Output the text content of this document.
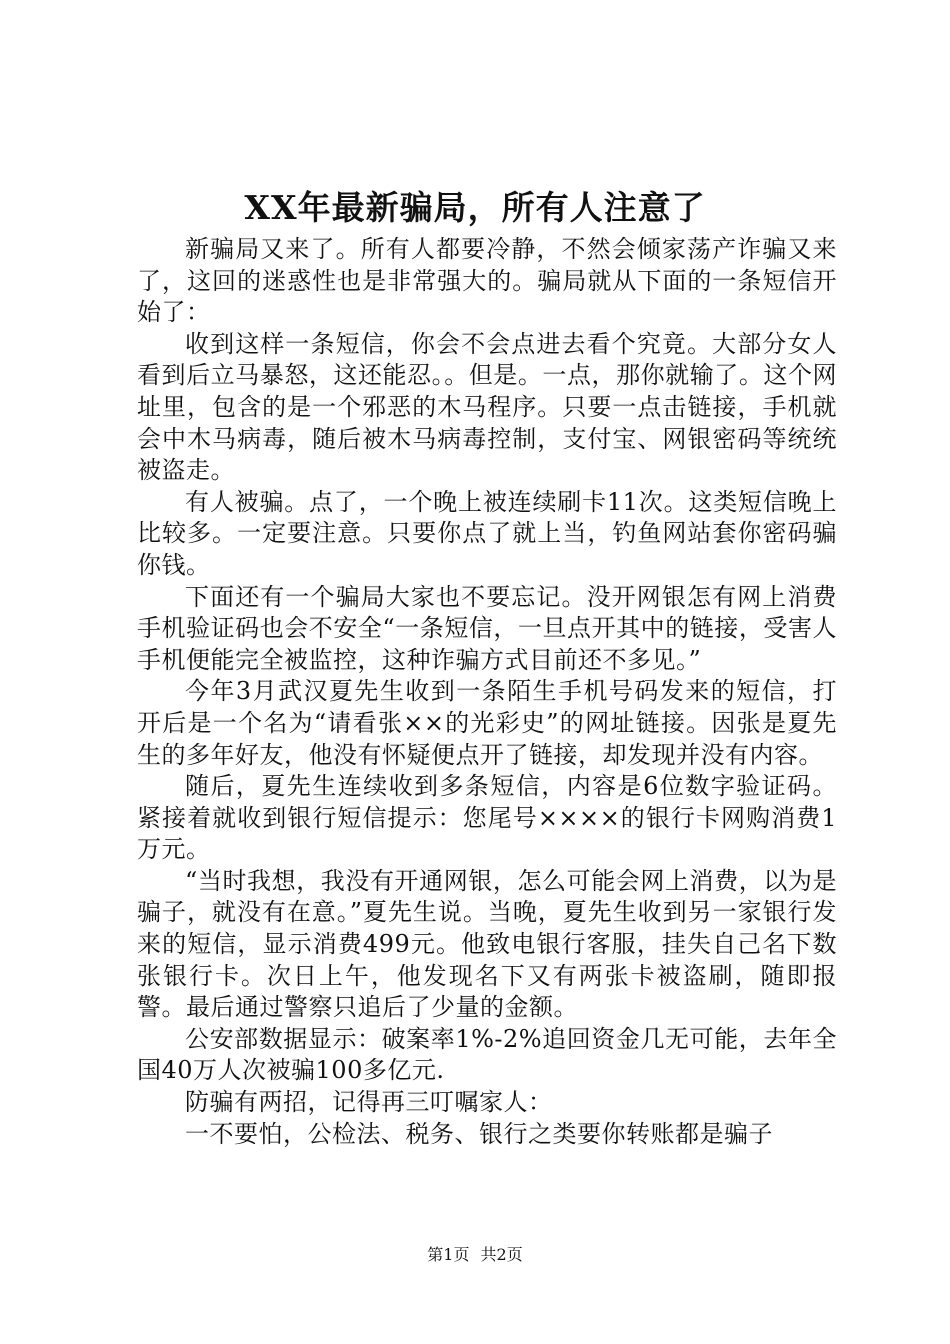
XX年最新骗局，所有人注意了

新骗局又来了。所有人都要冷静，不然会倾家荡产诈骗又来了，这回的迷惑性也是非常强大的。骗局就从下面的一条短信开始了：

收到这样一条短信，你会不会点进去看个究竟。大部分女人看到后立马暴怒，这还能忍。。但是。一点，那你就输了。这个网址里，包含的是一个邪恶的木马程序。只要一点击链接，手机就会中木马病毒，随后被木马病毒控制，支付宝、网银密码等统统被盗走。

有人被骗。点了，一个晚上被连续刷卡11次。这类短信晚上比较多。一定要注意。只要你点了就上当，钓鱼网站套你密码骗你钱。

下面还有一个骗局大家也不要忘记。没开网银怎有网上消费手机验证码也会不安全“一条短信，一旦点开其中的链接，受害人手机便能完全被监控，这种诈骗方式目前还不多见。”

今年3月武汉夏先生收到一条陌生手机号码发来的短信，打开后是一个名为“请看张××的光彩史”的网址链接。因张是夏先生的多年好友，他没有怀疑便点开了链接，却发现并没有内容。

随后，夏先生连续收到多条短信，内容是6位数字验证码。紧接着就收到银行短信提示：您尾号××××的银行卡网购消费1万元。

“当时我想，我没有开通网银，怎么可能会网上消费，以为是骗子，就没有在意。”夏先生说。当晚，夏先生收到另一家银行发来的短信，显示消费499元。他致电银行客服，挂失自己名下数张银行卡。次日上午，他发现名下又有两张卡被盗刷，随即报警。最后通过警察只追后了少量的金额。

公安部数据显示：破案率1%-2%追回资金几无可能，去年全国40万人次被骗100多亿元.

防骗有两招，记得再三叮嘱家人：

一不要怕，公检法、税务、银行之类要你转账都是骗子

第1页 共2页
